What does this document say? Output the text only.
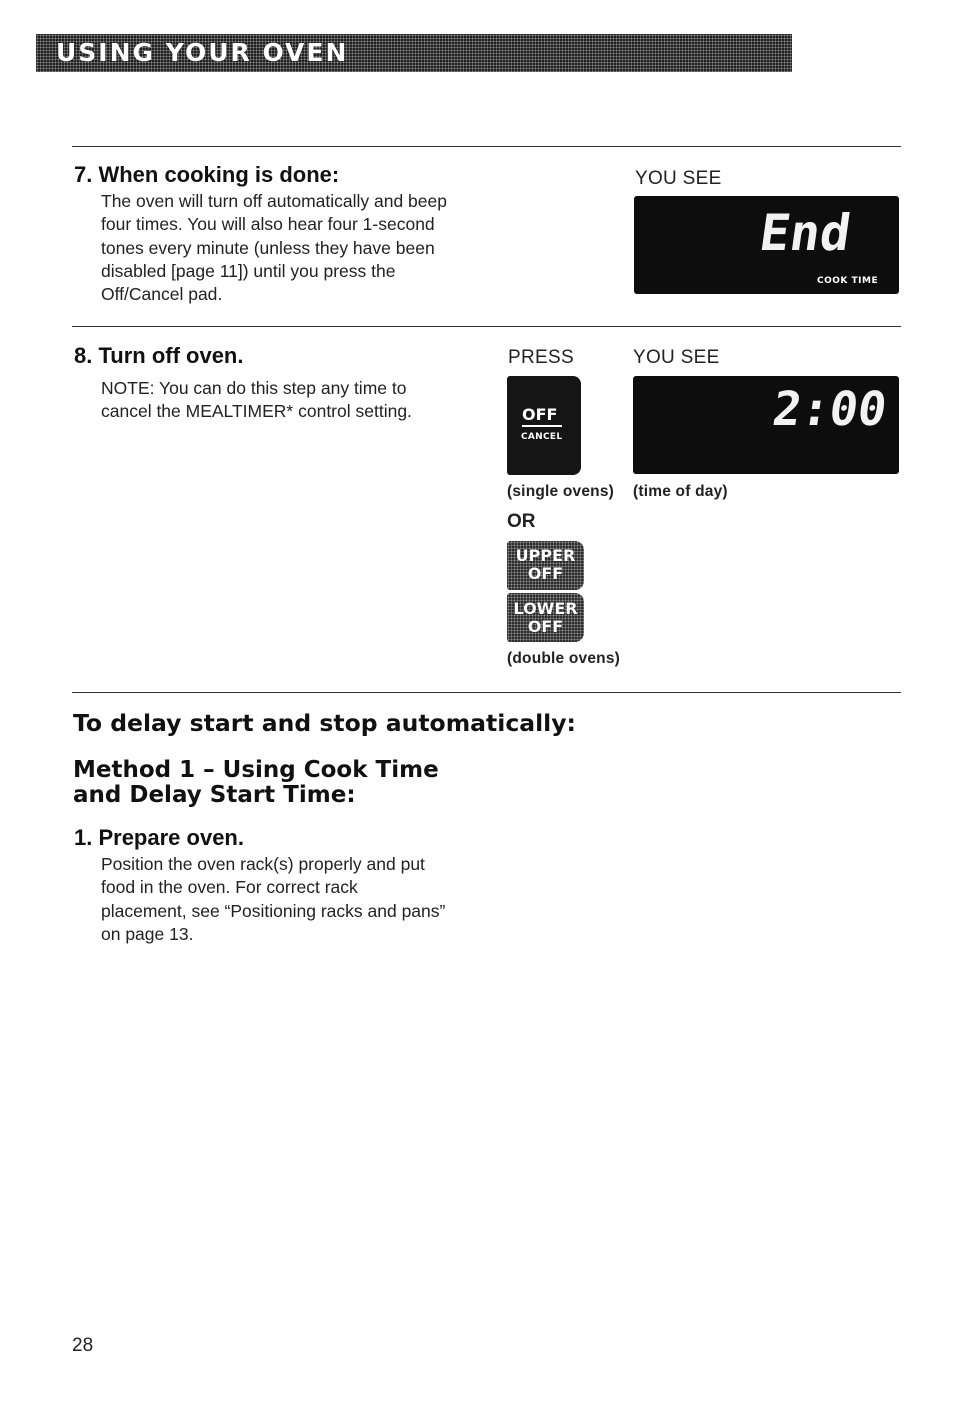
USING YOUR OVEN
7. When cooking is done:
The oven will turn off automatically and beep four times. You will also hear four 1-second tones every minute (unless they have been disabled [page 11]) until you press the Off/Cancel pad.
YOU SEE
End
COOK TIME
8. Turn off oven.
NOTE: You can do this step any time to cancel the MEALTIMER* control setting.
PRESS	YOU SEE
OFF
CANCEL	2:00
(single ovens) (time of day)
OR
UPPER
OFF
LOWER
OFF
(double ovens)
To delay start and stop automatically:
Method 1 – Using Cook Time
and Delay Start Time:
1. Prepare oven.
Position the oven rack(s) properly and put food in the oven. For correct rack placement, see “Positioning racks and pans” on page 13.
28
